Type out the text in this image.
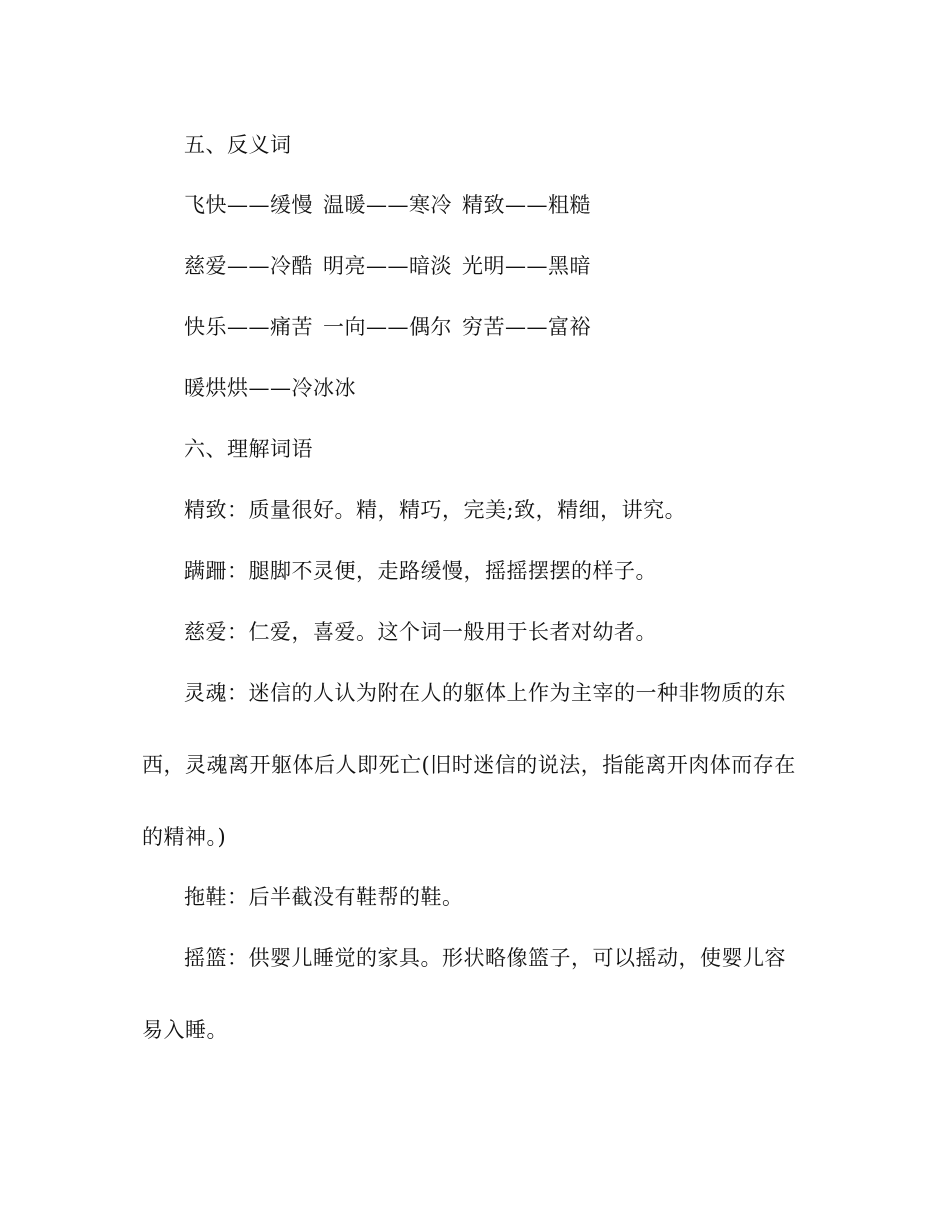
五、反义词
飞快——缓慢 温暖——寒冷 精致——粗糙
慈爱——冷酷 明亮——暗淡 光明——黑暗
快乐——痛苦 一向——偶尔 穷苦——富裕
暖烘烘——冷冰冰
六、理解词语
精致：质量很好。精，精巧，完美;致，精细，讲究。
蹒跚：腿脚不灵便，走路缓慢，摇摇摆摆的样子。
慈爱：仁爱，喜爱。这个词一般用于长者对幼者。
灵魂：迷信的人认为附在人的躯体上作为主宰的一种非物质的东
西，灵魂离开躯体后人即死亡(旧时迷信的说法，指能离开肉体而存在
的精神。)
拖鞋：后半截没有鞋帮的鞋。
摇篮：供婴儿睡觉的家具。形状略像篮子，可以摇动，使婴儿容
易入睡。
